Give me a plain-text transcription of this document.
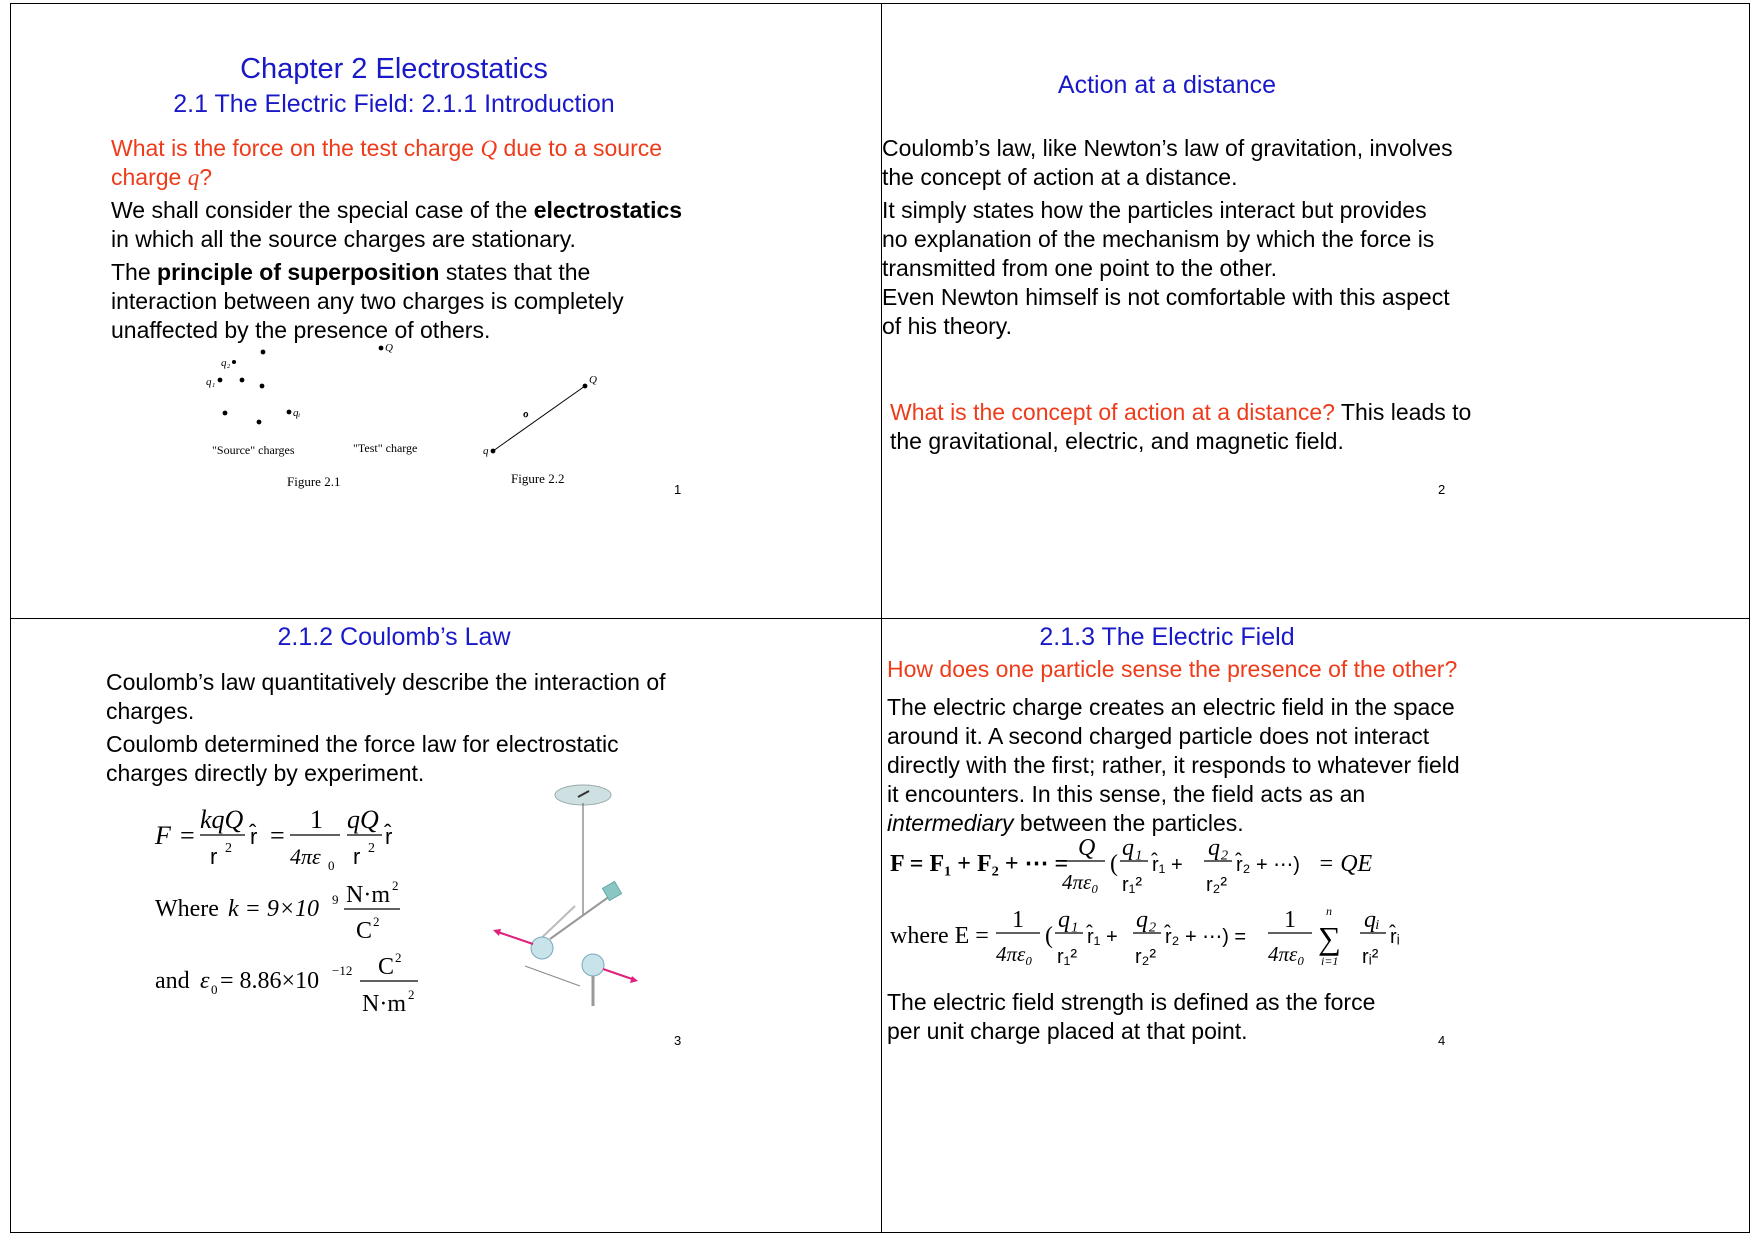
Chapter 2 Electrostatics
2.1 The Electric Field: 2.1.1 Introduction
What is the force on the test charge Q due to a source charge q?
We shall consider the special case of the electrostatics in which all the source charges are stationary.
The principle of superposition states that the interaction between any two charges is completely unaffected by the presence of others.
q₂
q₁
qᵢ
Q
"Source" charges	"Test" charge
Figure 2.1
Q
q
ℴ
Figure 2.2
1
Action at a distance
Coulomb’s law, like Newton’s law of gravitation, involves the concept of action at a distance.
It simply states how the particles interact but provides no explanation of the mechanism by which the force is transmitted from one point to the other.
Even Newton himself is not comfortable with this aspect of his theory.
What is the concept of action at a distance? This leads to the gravitational, electric, and magnetic field.
2
2.1.2 Coulomb’s Law
Coulomb’s law quantitatively describe the interaction of charges.
Coulomb determined the force law for electrostatic charges directly by experiment.
F =
kqQ
r 2 r̂ =
1
4πε 0
qQ
r 2 r̂
Where k = 9×10 9 N·m 2
C 2
and ε 0 = 8.86×10 −12 C 2
N·m 2
3
2.1.3 The Electric Field
How does one particle sense the presence of the other?
The electric charge creates an electric field in the space around it. A second charged particle does not interact directly with the first; rather, it responds to whatever field it encounters. In this sense, the field acts as an intermediary between the particles.
F = F₁ + F₂ + ⋯ =
Q
4πε₀
(
q₁
r₁²
r̂₁ +
q₂
r₂²
r̂₂ + ⋯) = QE
where E =
1
4πε₀
(
q₁
r₁²
r̂₁ +
q₂
r₂²
r̂₂ + ⋯) =
1
4πε₀ ∑
n
i=1
qᵢ
rᵢ²
r̂ᵢ
The electric field strength is defined as the force per unit charge placed at that point.	4
